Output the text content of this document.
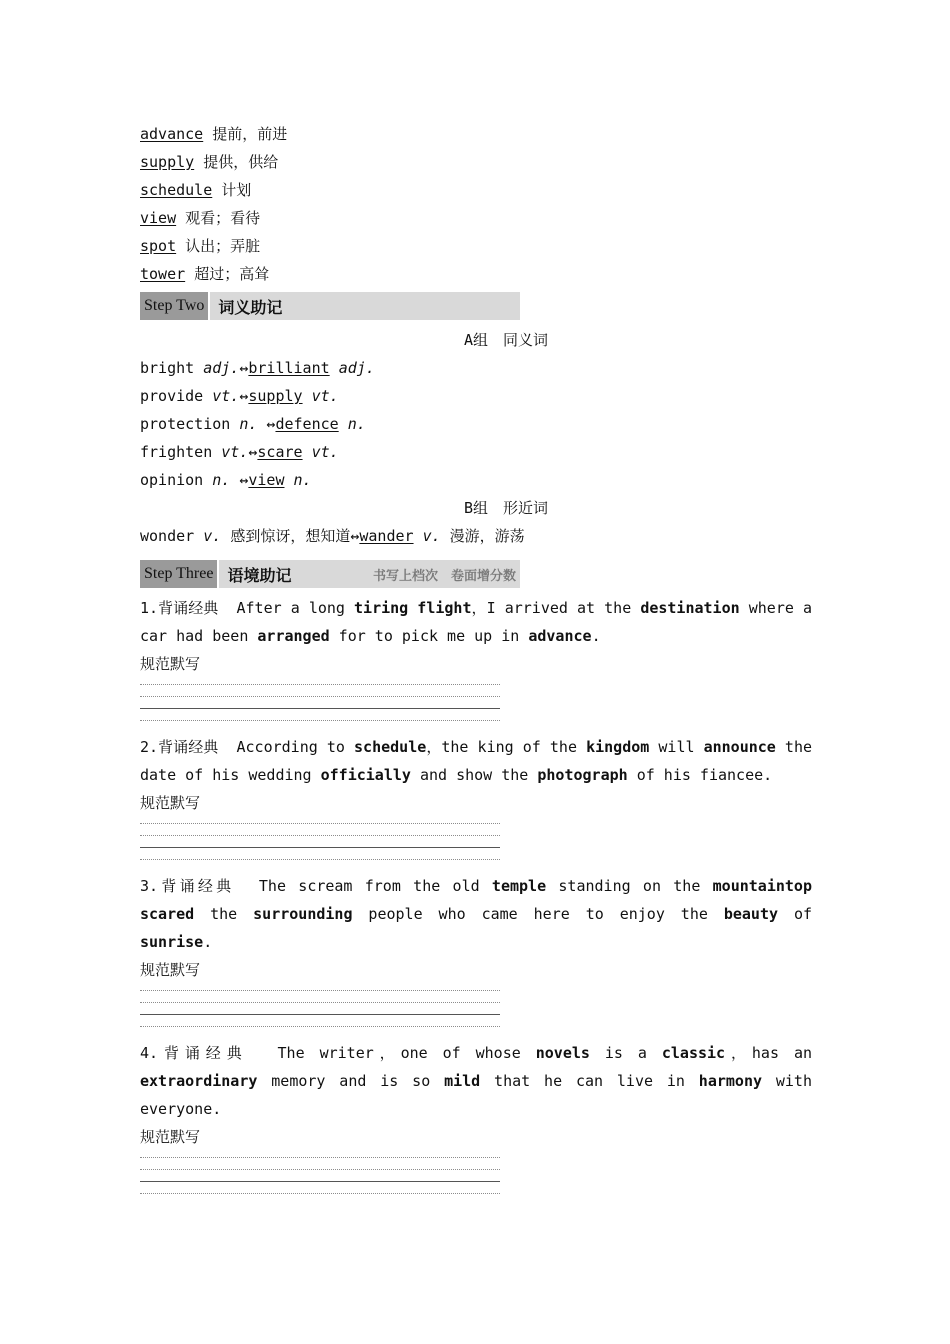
advance 提前，前进
supply 提供，供给
schedule 计划
view 观看；看待
spot 认出；弄脏
tower 超过；高耸
Step Two 词义助记
A组　同义词
bright adj.↔brilliant adj.
provide vt.↔supply vt.
protection n. ↔defence n.
frighten vt.↔scare vt.
opinion n. ↔view n.
B组　形近词
wonder v. 感到惊讶，想知道↔wander v. 漫游，游荡
Step Three 语境助记	书写上档次　卷面增分数
1.背诵经典 After a long tiring flight，I arrived at the destination where a car had been arranged for to pick me up in advance.
规范默写
2.背诵经典 According to schedule，the king of the kingdom will announce the date of his wedding officially and show the photograph of his fiancee.
规范默写
3.背诵经典 The scream from the old temple standing on the mountaintop scared the surrounding people who came here to enjoy the beauty of sunrise.
规范默写
4.背诵经典 The writer，one of whose novels is a classic，has an extraordinary memory and is so mild that he can live in harmony with everyone.
规范默写
